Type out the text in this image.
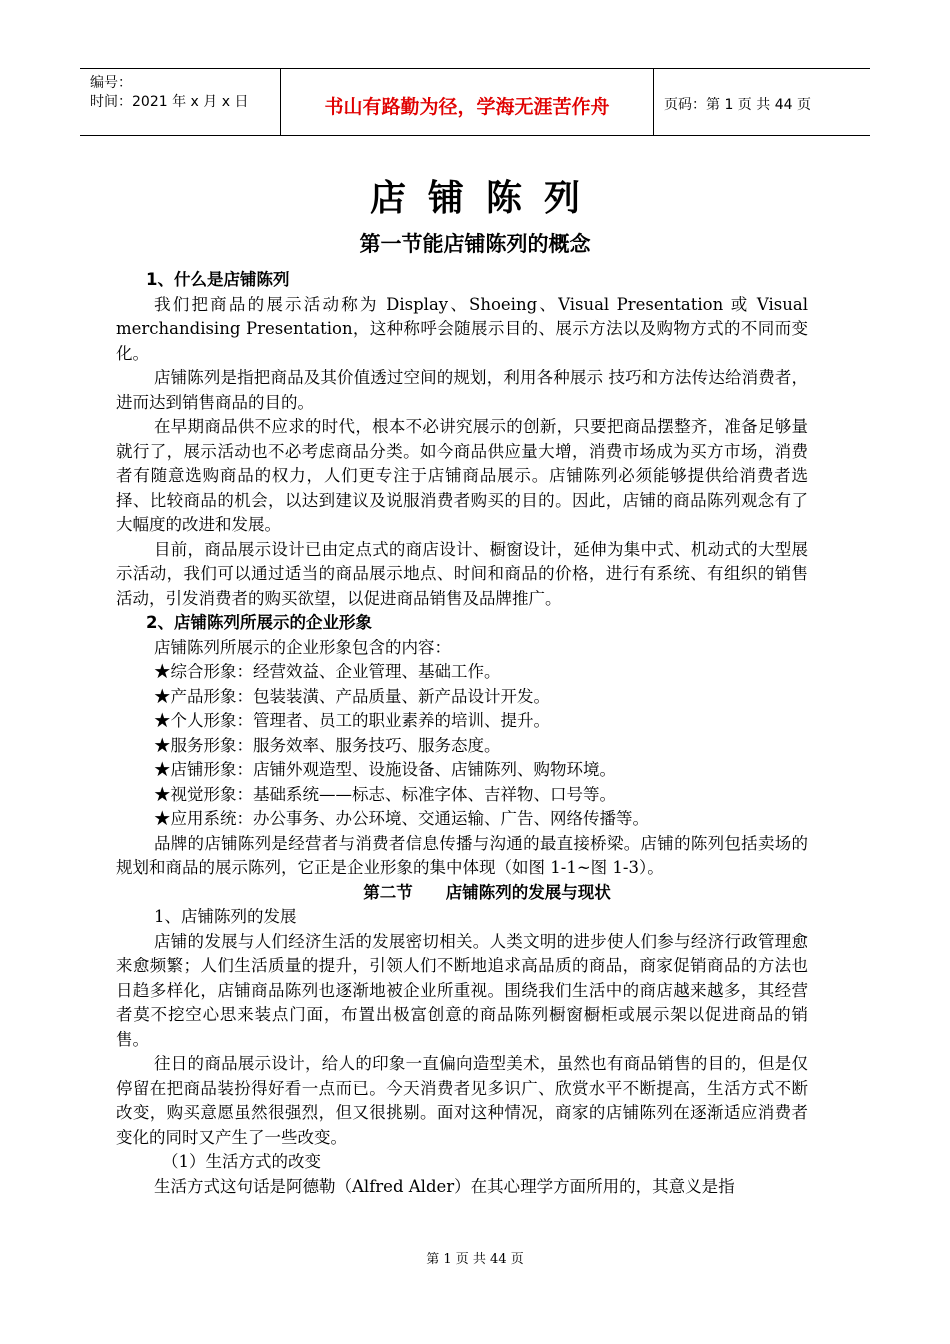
编号：
时间：2021 年 x 月 x 日	书山有路勤为径，学海无涯苦作舟	页码：第 1 页 共 44 页
店铺陈列
第一节能店铺陈列的概念

1、什么是店铺陈列

我们把商品的展示活动称为 Display、Shoeing、Visual Presentation 或 Visual merchandising Presentation，这种称呼会随展示目的、展示方法以及购物方式的不同而变化。

店铺陈列是指把商品及其价值透过空间的规划，利用各种展示 技巧和方法传达给消费者，进而达到销售商品的目的。

在早期商品供不应求的时代，根本不必讲究展示的创新，只要把商品摆整齐，准备足够量就行了，展示活动也不必考虑商品分类。如今商品供应量大增，消费市场成为买方市场，消费者有随意选购商品的权力，人们更专注于店铺商品展示。店铺陈列必须能够提供给消费者选择、比较商品的机会，以达到建议及说服消费者购买的目的。因此，店铺的商品陈列观念有了大幅度的改进和发展。

目前，商品展示设计已由定点式的商店设计、橱窗设计，延伸为集中式、机动式的大型展示活动，我们可以通过适当的商品展示地点、时间和商品的价格，进行有系统、有组织的销售活动，引发消费者的购买欲望，以促进商品销售及品牌推广。

2、店铺陈列所展示的企业形象

店铺陈列所展示的企业形象包含的内容：

★综合形象：经营效益、企业管理、基础工作。

★产品形象：包装装潢、产品质量、新产品设计开发。

★个人形象：管理者、员工的职业素养的培训、提升。

★服务形象：服务效率、服务技巧、服务态度。

★店铺形象：店铺外观造型、设施设备、店铺陈列、购物环境。

★视觉形象：基础系统——标志、标准字体、吉祥物、口号等。

★应用系统：办公事务、办公环境、交通运输、广告、网络传播等。

品牌的店铺陈列是经营者与消费者信息传播与沟通的最直接桥梁。店铺的陈列包括卖场的规划和商品的展示陈列，它正是企业形象的集中体现（如图 1-1~图 1-3）。

第二节　　店铺陈列的发展与现状

1、店铺陈列的发展

店铺的发展与人们经济生活的发展密切相关。人类文明的进步使人们参与经济行政管理愈来愈频繁；人们生活质量的提升，引领人们不断地追求高品质的商品，商家促销商品的方法也日趋多样化，店铺商品陈列也逐渐地被企业所重视。围绕我们生活中的商店越来越多，其经营者莫不挖空心思来装点门面，布置出极富创意的商品陈列橱窗橱柜或展示架以促进商品的销售。

往日的商品展示设计，给人的印象一直偏向造型美术，虽然也有商品销售的目的，但是仅停留在把商品装扮得好看一点而已。今天消费者见多识广、欣赏水平不断提高，生活方式不断改变，购买意愿虽然很强烈，但又很挑剔。面对这种情况，商家的店铺陈列在逐渐适应消费者变化的同时又产生了一些改变。

（1）生活方式的改变

生活方式这句话是阿德勒（Alfred Alder）在其心理学方面所用的，其意义是指

第 1 页 共 44 页
